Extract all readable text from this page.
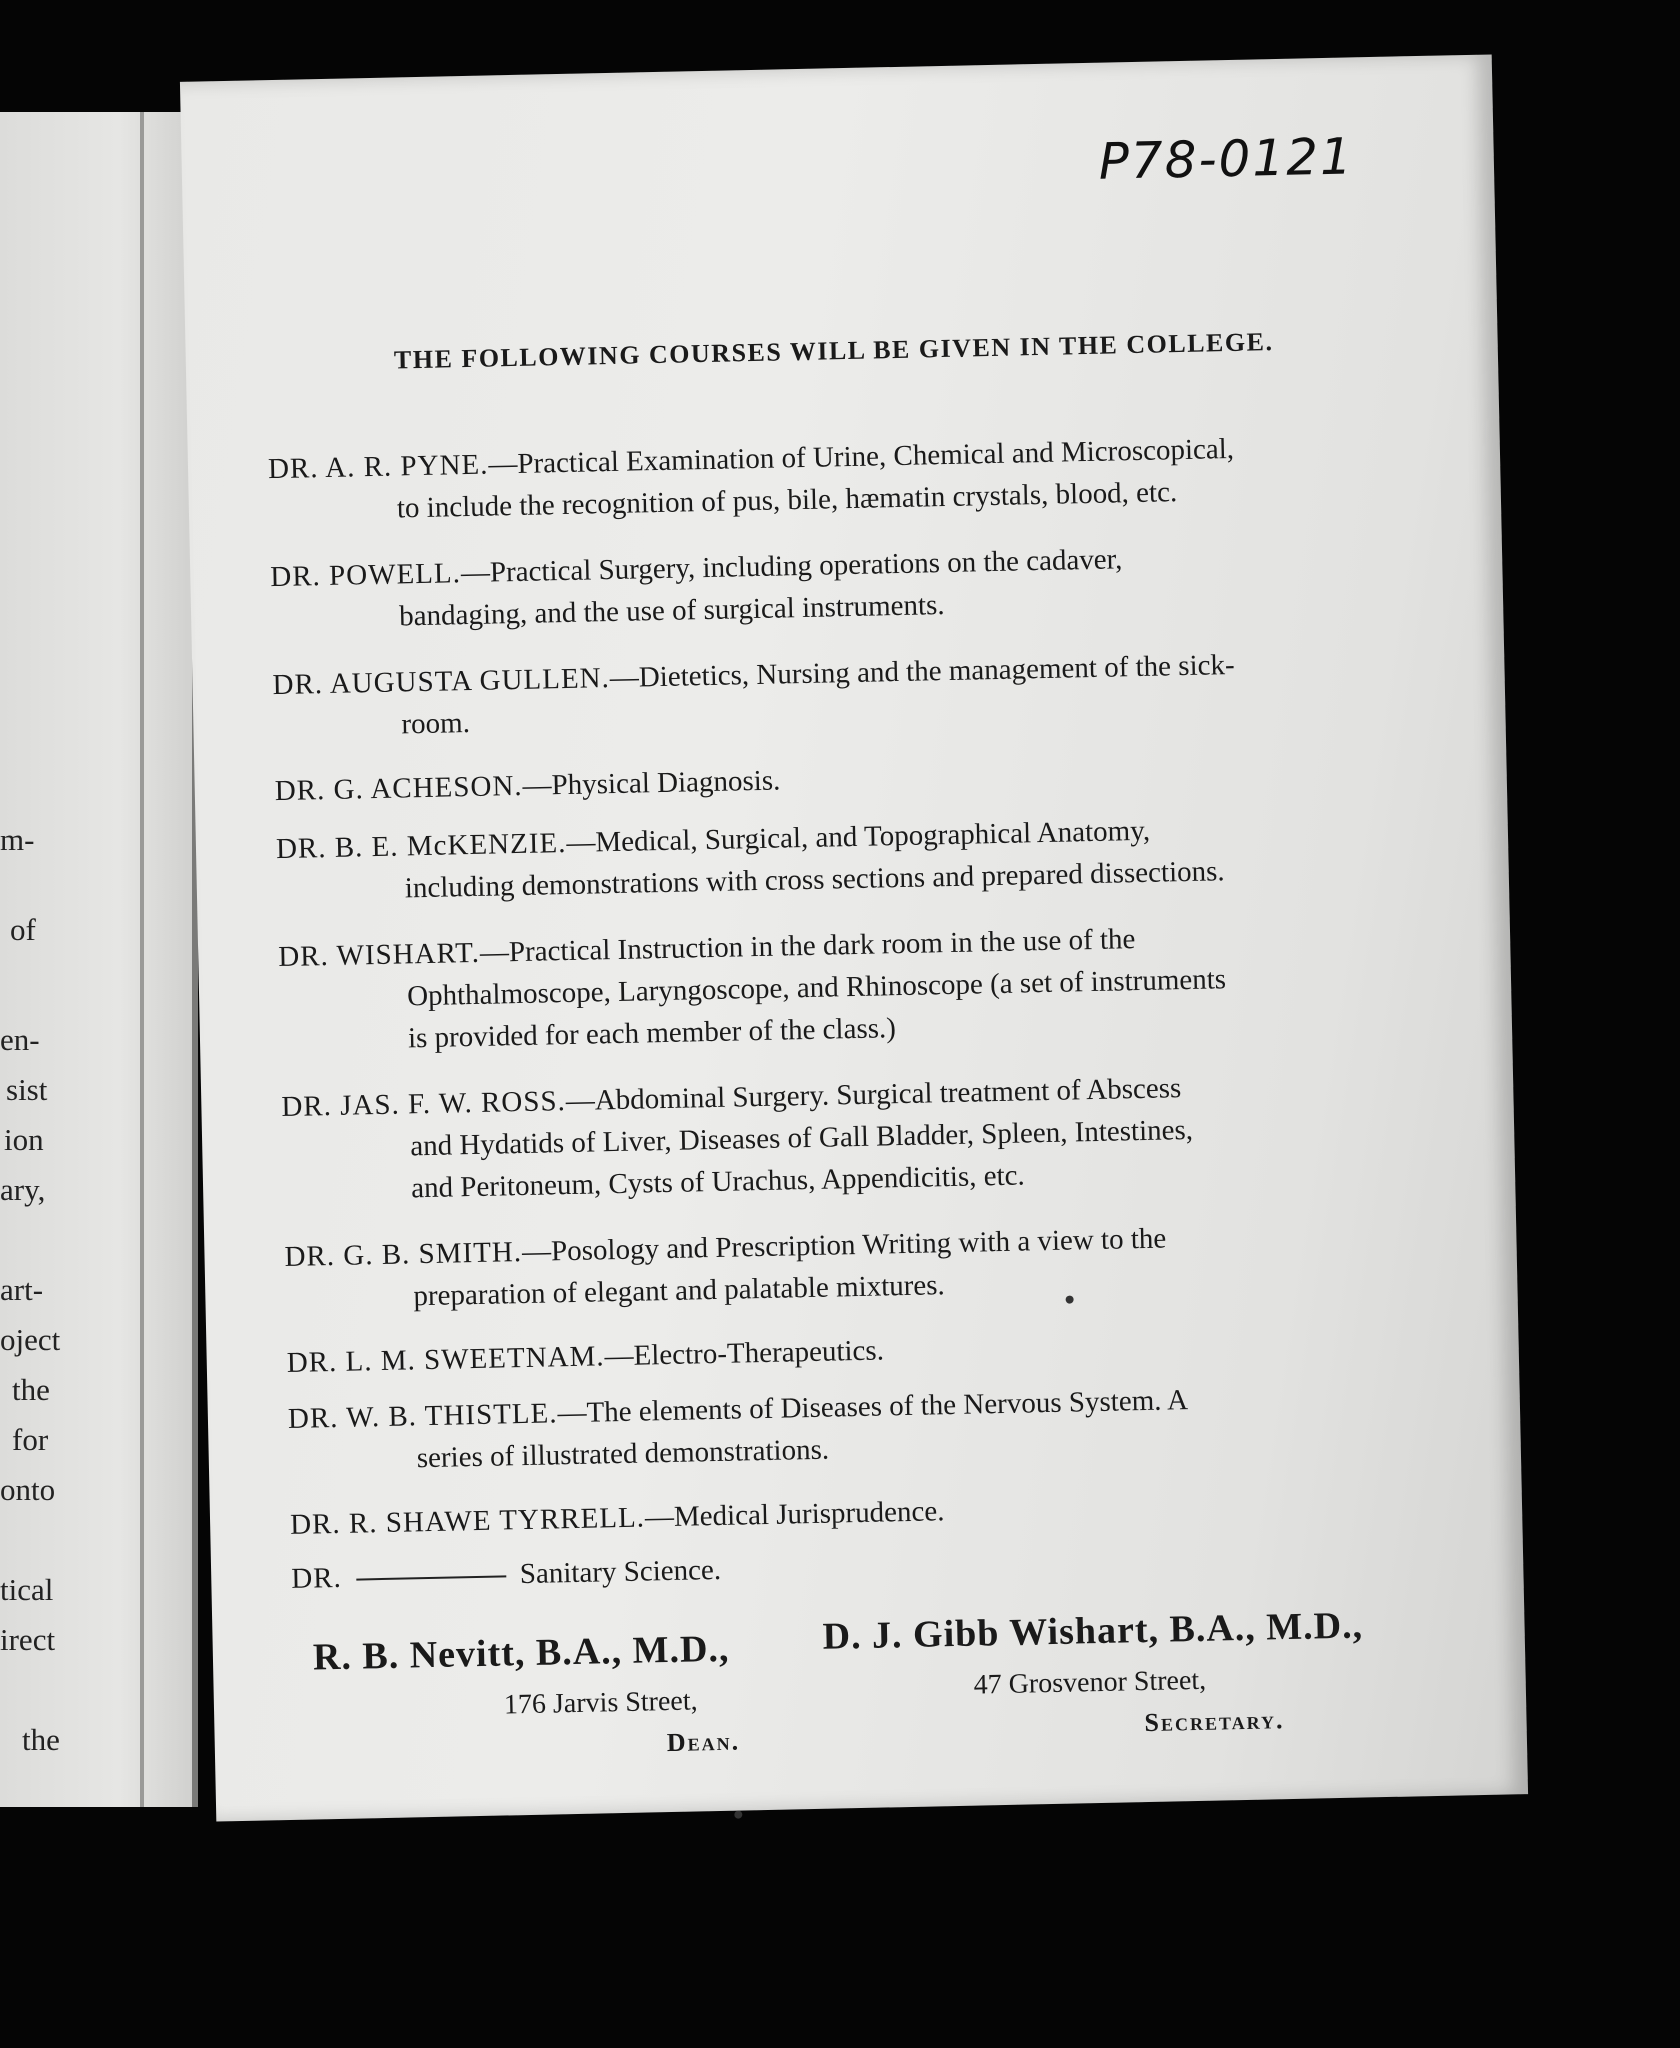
m-
of
en-
sist
ion
ary,
art-
oject
the
for
onto
tical
irect
the
P78-0121
THE FOLLOWING COURSES WILL BE GIVEN IN THE COLLEGE.
DR. A. R. PYNE.—Practical Examination of Urine, Chemical and Microscopical,
to include the recognition of pus, bile, hæmatin crystals, blood, etc.
DR. POWELL.—Practical Surgery, including operations on the cadaver,
bandaging, and the use of surgical instruments.
DR. AUGUSTA GULLEN.—Dietetics, Nursing and the management of the sick-
room.
DR. G. ACHESON.—Physical Diagnosis.
DR. B. E. McKENZIE.—Medical, Surgical, and Topographical Anatomy,
including demonstrations with cross sections and prepared dissections.
DR. WISHART.—Practical Instruction in the dark room in the use of the
Ophthalmoscope, Laryngoscope, and Rhinoscope (a set of instruments
is provided for each member of the class.)
DR. JAS. F. W. ROSS.—Abdominal Surgery. Surgical treatment of Abscess
and Hydatids of Liver, Diseases of Gall Bladder, Spleen, Intestines,
and Peritoneum, Cysts of Urachus, Appendicitis, etc.
DR. G. B. SMITH.—Posology and Prescription Writing with a view to the
preparation of elegant and palatable mixtures.
DR. L. M. SWEETNAM.—Electro-Therapeutics.
DR. W. B. THISTLE.—The elements of Diseases of the Nervous System. A
series of illustrated demonstrations.
DR. R. SHAWE TYRRELL.—Medical Jurisprudence.
DR.	Sanitary Science.
R. B. Nevitt, B.A., M.D.,
176 Jarvis Street,
Dean.
D. J. Gibb Wishart, B.A., M.D.,
47 Grosvenor Street,
Secretary.
